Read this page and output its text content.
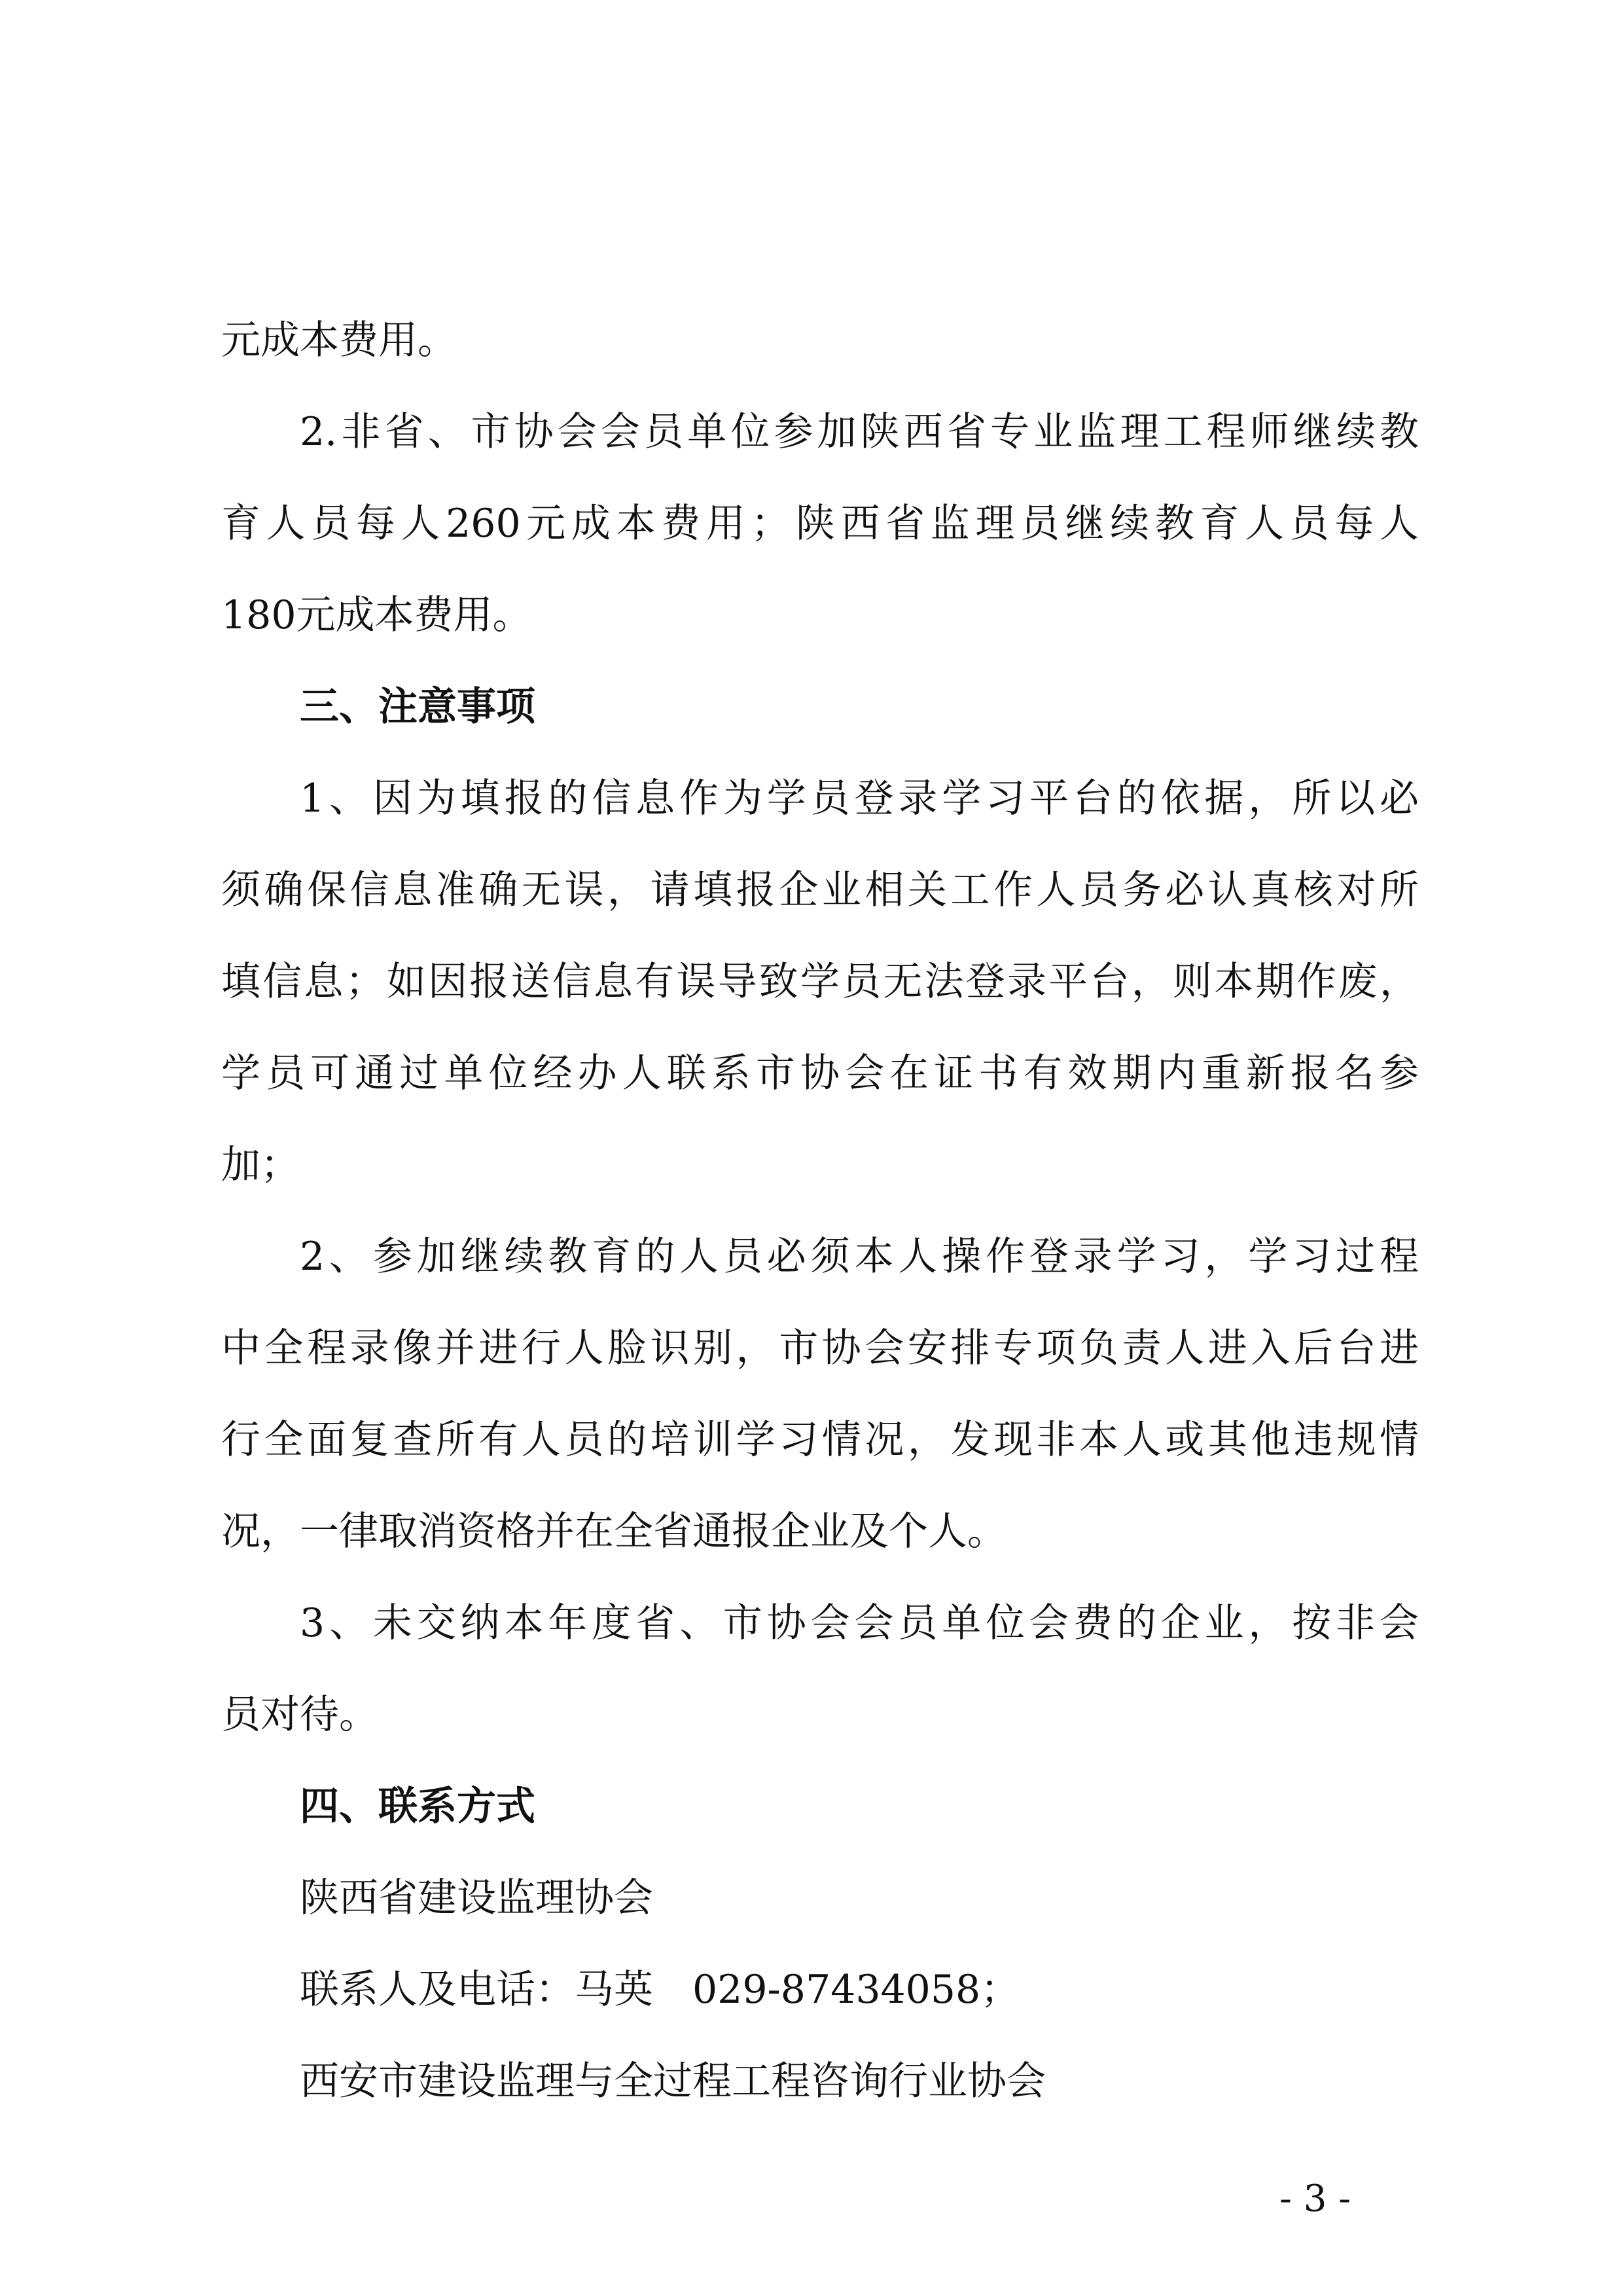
元成本费用。
2.非省、市协会会员单位参加陕西省专业监理工程师继续教
育人员每人260元成本费用；陕西省监理员继续教育人员每人
180元成本费用。
三、注意事项
1、因为填报的信息作为学员登录学习平台的依据，所以必
须确保信息准确无误，请填报企业相关工作人员务必认真核对所
填信息；如因报送信息有误导致学员无法登录平台，则本期作废，
学员可通过单位经办人联系市协会在证书有效期内重新报名参
加；
2、参加继续教育的人员必须本人操作登录学习，学习过程
中全程录像并进行人脸识别，市协会安排专项负责人进入后台进
行全面复查所有人员的培训学习情况，发现非本人或其他违规情
况，一律取消资格并在全省通报企业及个人。
3、未交纳本年度省、市协会会员单位会费的企业，按非会
员对待。
四、联系方式
陕西省建设监理协会
联系人及电话：马英　029-87434058；
西安市建设监理与全过程工程咨询行业协会
- 3 -
